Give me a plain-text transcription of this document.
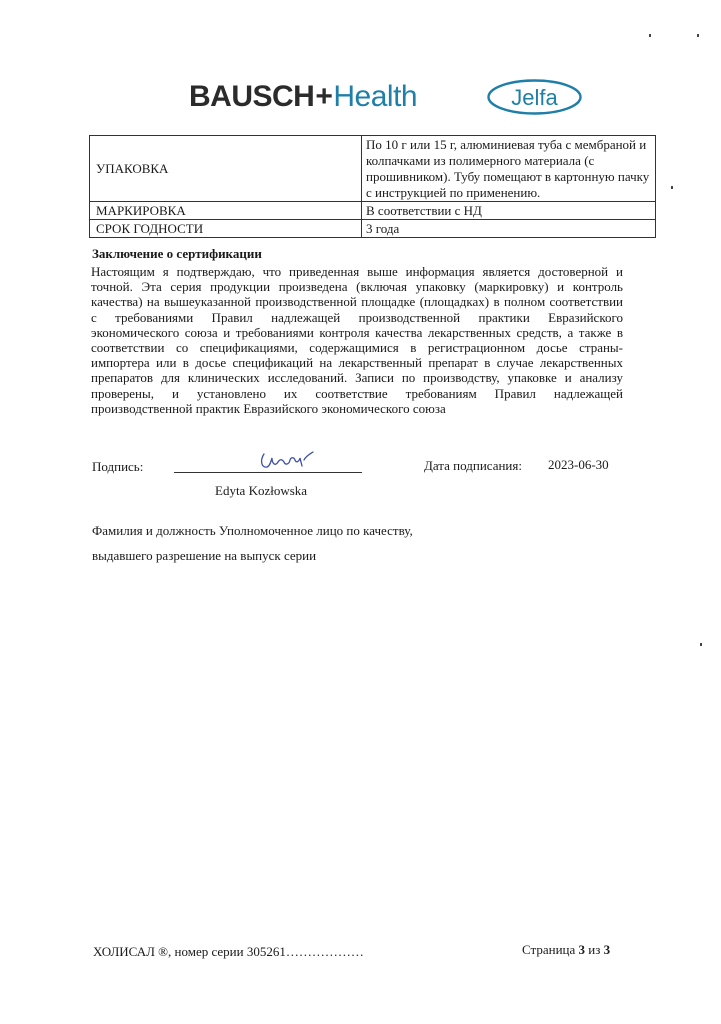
BAUSCH+Health	Jelfa
УПАКОВКА	По 10 г или 15 г, алюминиевая туба с мембраной и колпачками из полимерного материала (с прошивником). Тубу помещают в картонную пачку с инструкцией по применению.
МАРКИРОВКА	В соответствии с НД
СРОК ГОДНОСТИ	3 года
Заключение о сертификации
Настоящим я подтверждаю, что приведенная выше информация является достоверной и точной. Эта серия продукции произведена (включая упаковку (маркировку) и контроль качества) на вышеуказанной производственной площадке (площадках) в полном соответствии с требованиями Правил надлежащей производственной практики Евразийского экономического союза и требованиями контроля качества лекарственных средств, а также в соответствии со спецификациями, содержащимися в регистрационном досье страны-импортера или в досье спецификаций на лекарственный препарат в случае лекарственных препаратов для клинических исследований. Записи по производству, упаковке и анализу проверены, и установлено их соответствие требованиям Правил надлежащей производственной практик Евразийского экономического союза
Подпись:
Edyta Kozłowska
Дата подписания: 2023-06-30
Фамилия и должность Уполномоченное лицо по качеству,
выдавшего разрешение на выпуск серии
ХОЛИСАЛ ®, номер серии 305261………………	Страница 3 из 3
